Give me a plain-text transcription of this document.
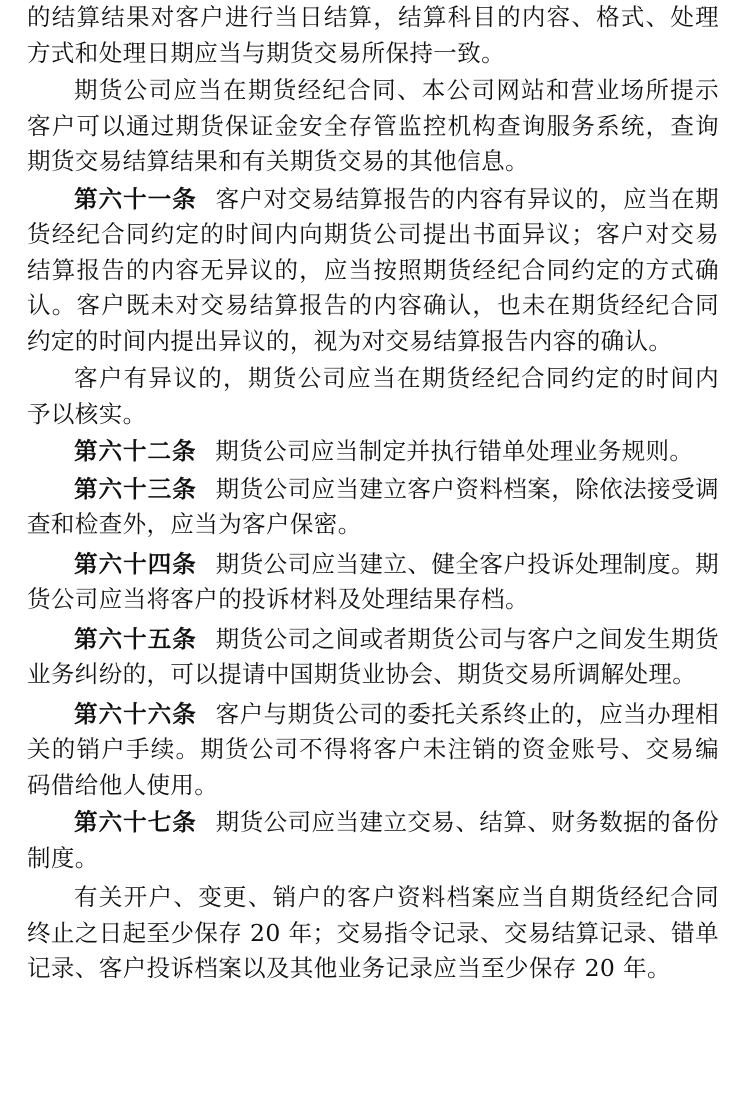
的结算结果对客户进行当日结算，结算科目的内容、格式、处理方式和处理日期应当与期货交易所保持一致。

期货公司应当在期货经纪合同、本公司网站和营业场所提示客户可以通过期货保证金安全存管监控机构查询服务系统，查询期货交易结算结果和有关期货交易的其他信息。

第六十一条 客户对交易结算报告的内容有异议的，应当在期货经纪合同约定的时间内向期货公司提出书面异议；客户对交易结算报告的内容无异议的，应当按照期货经纪合同约定的方式确认。客户既未对交易结算报告的内容确认，也未在期货经纪合同约定的时间内提出异议的，视为对交易结算报告内容的确认。

客户有异议的，期货公司应当在期货经纪合同约定的时间内予以核实。

第六十二条 期货公司应当制定并执行错单处理业务规则。

第六十三条 期货公司应当建立客户资料档案，除依法接受调查和检查外，应当为客户保密。

第六十四条 期货公司应当建立、健全客户投诉处理制度。期货公司应当将客户的投诉材料及处理结果存档。

第六十五条 期货公司之间或者期货公司与客户之间发生期货业务纠纷的，可以提请中国期货业协会、期货交易所调解处理。

第六十六条 客户与期货公司的委托关系终止的，应当办理相关的销户手续。期货公司不得将客户未注销的资金账号、交易编码借给他人使用。

第六十七条 期货公司应当建立交易、结算、财务数据的备份制度。

有关开户、变更、销户的客户资料档案应当自期货经纪合同终止之日起至少保存 20 年；交易指令记录、交易结算记录、错单记录、客户投诉档案以及其他业务记录应当至少保存 20 年。
